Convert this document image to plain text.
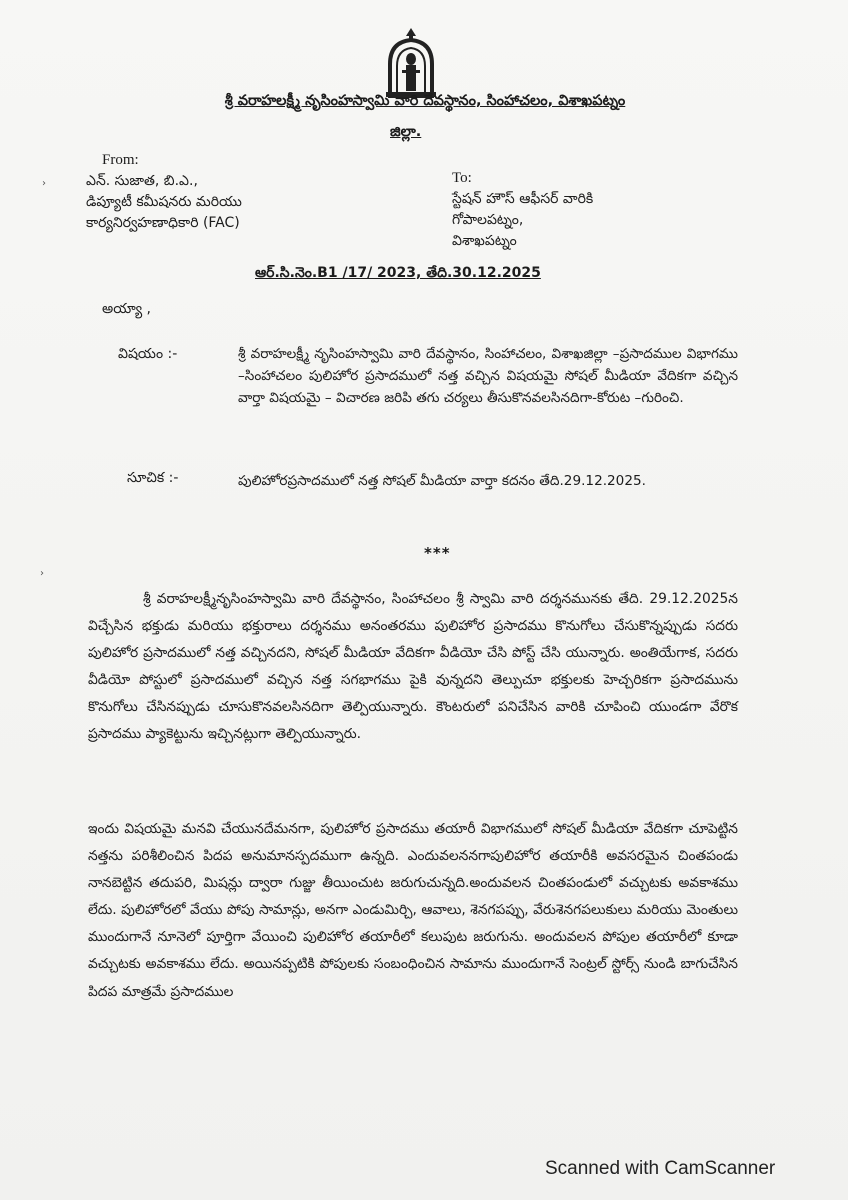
శ్రీ వరాహలక్ష్మీ నృసింహస్వామి వారి దేవస్థానం, సింహాచలం, విశాఖపట్నం
జిల్లా.
From:
ఎన్. సుజాత, బి.ఎ.,
డిప్యూటీ కమీషనరు మరియు
కార్యనిర్వహణాధికారి (FAC)
To:
స్టేషన్ హౌస్ ఆఫీసర్ వారికి
గోపాలపట్నం,
విశాఖపట్నం
ఆర్.సి.నెం.B1 /17/ 2023, తేది.30.12.2025
అయ్యా ,
విషయం :-	శ్రీ వరాహలక్ష్మీ నృసింహస్వామి వారి దేవస్థానం, సింహాచలం, విశాఖజిల్లా –ప్రసాదముల విభాగము –సింహాచలం పులిహోర ప్రసాదములో నత్త వచ్చిన విషయమై సోషల్ మీడియా వేదికగా వచ్చిన వార్తా విషయమై – విచారణ జరిపి తగు చర్యలు తీసుకొనవలసినదిగా-కోరుట –గురించి.
సూచిక :-	పులిహోరప్రసాదములో నత్త సోషల్ మీడియా వార్తా కదనం తేది.29.12.2025.
***
శ్రీ వరాహలక్ష్మీనృసింహస్వామి వారి దేవస్థానం, సింహాచలం శ్రీ స్వామి వారి దర్శనమునకు తేది. 29.12.2025న విచ్చేసిన భక్తుడు మరియు భక్తురాలు దర్శనము అనంతరము పులిహోర ప్రసాదము కొనుగోలు చేసుకొన్నప్పుడు సదరు పులిహోర ప్రసాదములో నత్త వచ్చినదని, సోషల్ మీడియా వేదికగా వీడియో చేసి పోస్ట్ చేసి యున్నారు. అంతియేగాక, సదరు వీడియో పోస్టులో ప్రసాదములో వచ్చిన నత్త సగభాగము పైకి వున్నదని తెల్పుచూ భక్తులకు హెచ్చరికగా ప్రసాదమును కొనుగోలు చేసినప్పుడు చూసుకొనవలసినదిగా తెల్పియున్నారు. కౌంటరులో పనిచేసిన వారికి చూపించి యుండగా వేరొక ప్రసాదము ప్యాకెట్టును ఇచ్చినట్లుగా తెల్పియున్నారు.
ఇందు విషయమై మనవి చేయునదేమనగా, పులిహోర ప్రసాదము తయారీ విభాగములో సోషల్ మీడియా వేదికగా చూపెట్టిన నత్తను పరిశీలించిన పిదప అనుమానస్పదముగా ఉన్నది. ఎందువలననగాపులిహోర తయారీకి అవసరమైన చింతపండు నానబెట్టిన తదుపరి, మిషన్లు ద్వారా గుజ్జు తీయించుట జరుగుచున్నది.అందువలన చింతపండులో వచ్చుటకు అవకాశము లేదు. పులిహోరలో వేయు పోపు సామాన్లు, అనగా ఎండుమిర్చి, ఆవాలు, శెనగపప్పు, వేరుశెనగపలుకులు మరియు మెంతులు ముందుగానే నూనెలో పూర్తిగా వేయించి పులిహోర తయారీలో కలుపుట జరుగును. అందువలన పోపుల తయారీలో కూడా వచ్చుటకు అవకాశము లేదు. అయినప్పటికి పోపులకు సంబంధించిన సామాను ముందుగానే సెంట్రల్ స్టోర్స్ నుండి బాగుచేసిన పిదప మాత్రమే ప్రసాదముల
›
›
Scanned with CamScanner
